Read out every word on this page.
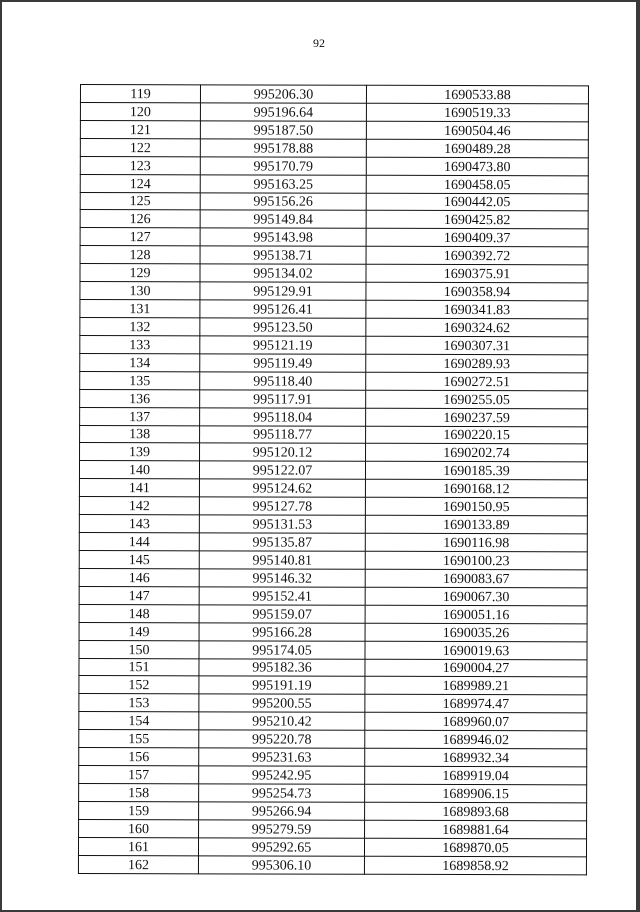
92
119	995206.30	1690533.88
120	995196.64	1690519.33
121	995187.50	1690504.46
122	995178.88	1690489.28
123	995170.79	1690473.80
124	995163.25	1690458.05
125	995156.26	1690442.05
126	995149.84	1690425.82
127	995143.98	1690409.37
128	995138.71	1690392.72
129	995134.02	1690375.91
130	995129.91	1690358.94
131	995126.41	1690341.83
132	995123.50	1690324.62
133	995121.19	1690307.31
134	995119.49	1690289.93
135	995118.40	1690272.51
136	995117.91	1690255.05
137	995118.04	1690237.59
138	995118.77	1690220.15
139	995120.12	1690202.74
140	995122.07	1690185.39
141	995124.62	1690168.12
142	995127.78	1690150.95
143	995131.53	1690133.89
144	995135.87	1690116.98
145	995140.81	1690100.23
146	995146.32	1690083.67
147	995152.41	1690067.30
148	995159.07	1690051.16
149	995166.28	1690035.26
150	995174.05	1690019.63
151	995182.36	1690004.27
152	995191.19	1689989.21
153	995200.55	1689974.47
154	995210.42	1689960.07
155	995220.78	1689946.02
156	995231.63	1689932.34
157	995242.95	1689919.04
158	995254.73	1689906.15
159	995266.94	1689893.68
160	995279.59	1689881.64
161	995292.65	1689870.05
162	995306.10	1689858.92
